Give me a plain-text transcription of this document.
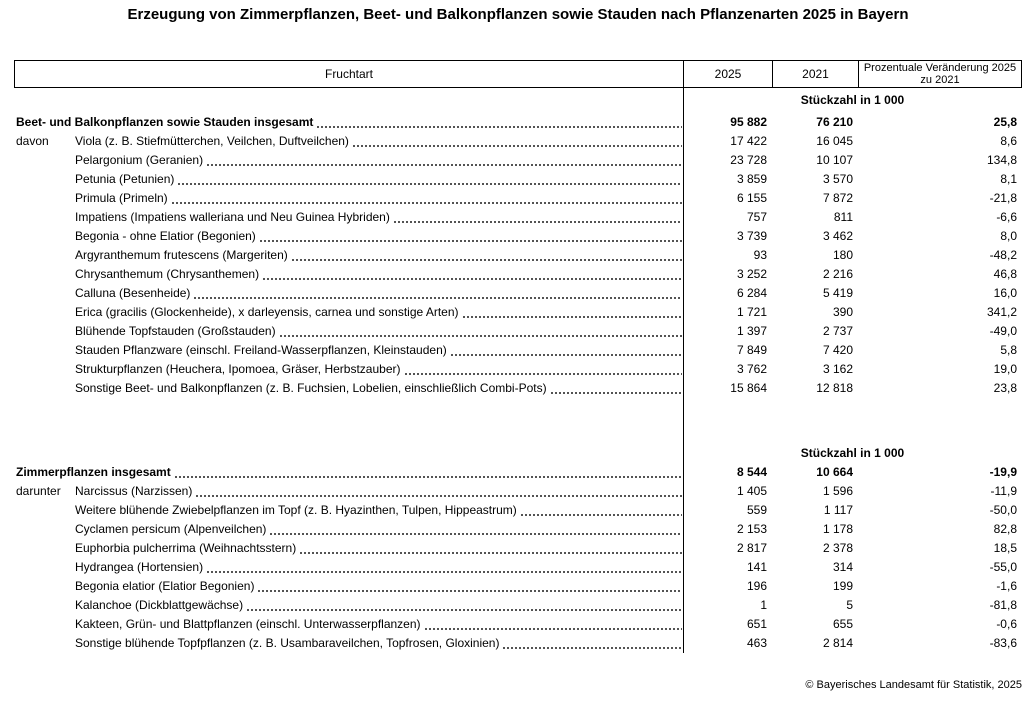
Erzeugung von Zimmerpflanzen, Beet- und Balkonpflanzen sowie Stauden nach Pflanzenarten 2025 in Bayern
Fruchtart	2025	2021	Prozentuale Veränderung 2025 zu 2021
Stückzahl in 1 000
Beet- und Balkonpflanzen sowie Stauden insgesamt	95 882	76 210	25,8
davon Viola (z. B. Stiefmütterchen, Veilchen, Duftveilchen)	17 422	16 045	8,6
Pelargonium (Geranien)	23 728	10 107	134,8
Petunia (Petunien)	3 859	3 570	8,1
Primula (Primeln)	6 155	7 872	-21,8
Impatiens (Impatiens walleriana und Neu Guinea Hybriden)	757	811	-6,6
Begonia - ohne Elatior (Begonien)	3 739	3 462	8,0
Argyranthemum frutescens (Margeriten)	93	180	-48,2
Chrysanthemum (Chrysanthemen)	3 252	2 216	46,8
Calluna (Besenheide)	6 284	5 419	16,0
Erica (gracilis (Glockenheide), x darleyensis, carnea und sonstige Arten)	1 721	390	341,2
Blühende Topfstauden (Großstauden)	1 397	2 737	-49,0
Stauden Pflanzware (einschl. Freiland-Wasserpflanzen, Kleinstauden)	7 849	7 420	5,8
Strukturpflanzen (Heuchera, Ipomoea, Gräser, Herbstzauber)	3 762	3 162	19,0
Sonstige Beet- und Balkonpflanzen (z. B. Fuchsien, Lobelien, einschließlich Combi-Pots)	15 864	12 818	23,8
Stückzahl in 1 000
Zimmerpflanzen insgesamt	8 544	10 664	-19,9
darunter Narcissus (Narzissen)	1 405	1 596	-11,9
Weitere blühende Zwiebelpflanzen im Topf (z. B. Hyazinthen, Tulpen, Hippeastrum)	559	1 117	-50,0
Cyclamen persicum (Alpenveilchen)	2 153	1 178	82,8
Euphorbia pulcherrima (Weihnachtsstern)	2 817	2 378	18,5
Hydrangea (Hortensien)	141	314	-55,0
Begonia elatior (Elatior Begonien)	196	199	-1,6
Kalanchoe (Dickblattgewächse)	1	5	-81,8
Kakteen, Grün- und Blattpflanzen (einschl. Unterwasserpflanzen)	651	655	-0,6
Sonstige blühende Topfpflanzen (z. B. Usambaraveilchen, Topfrosen, Gloxinien)	463	2 814	-83,6
© Bayerisches Landesamt für Statistik, 2025
